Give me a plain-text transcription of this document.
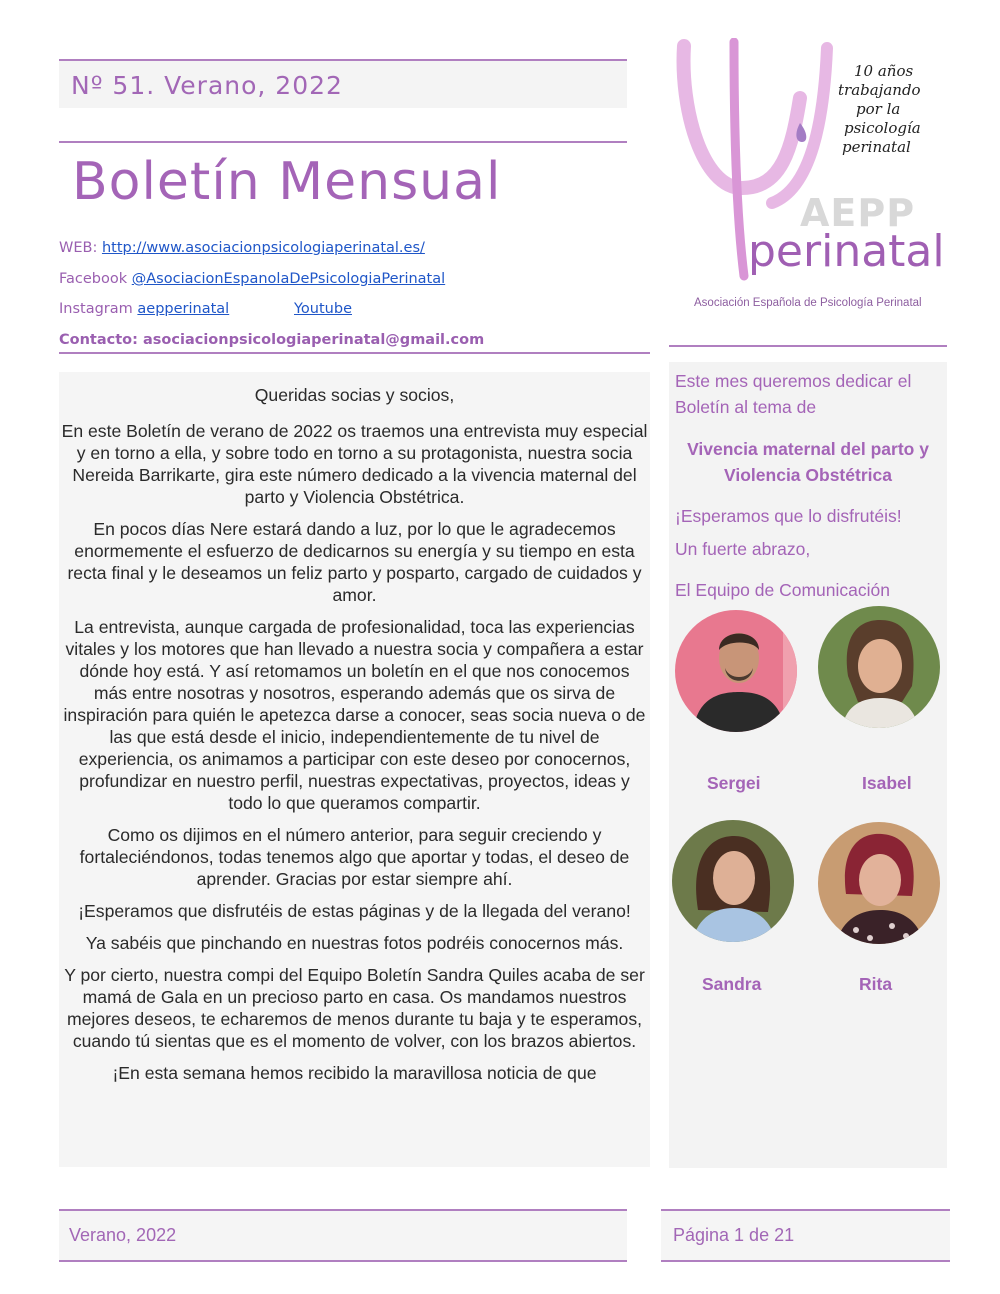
Nº 51. Verano, 2022
Boletín Mensual
WEB: http://www.asociacionpsicologiaperinatal.es/
Facebook @AsociacionEspanolaDePsicologiaPerinatal
Instagram aepperinatal	Youtube
Contacto: asociacionpsicologiaperinatal@gmail.com
10 años
trabajando
por la
psicología
perinatal
AEPP
perinatal
Asociación Española de Psicología Perinatal

Queridas socias y socios,

En este Boletín de verano de 2022 os traemos una entrevista muy especial y en torno a ella, y sobre todo en torno a su protagonista, nuestra socia Nereida Barrikarte, gira este número dedicado a la vivencia maternal del parto y Violencia Obstétrica.

En pocos días Nere estará dando a luz, por lo que le agradecemos enormemente el esfuerzo de dedicarnos su energía y su tiempo en esta recta final y le deseamos un feliz parto y posparto, cargado de cuidados y amor.

La entrevista, aunque cargada de profesionalidad, toca las experiencias vitales y los motores que han llevado a nuestra socia y compañera a estar dónde hoy está. Y así retomamos un boletín en el que nos conocemos más entre nosotras y nosotros, esperando además que os sirva de inspiración para quién le apetezca darse a conocer, seas socia nueva o de las que está desde el inicio, independientemente de tu nivel de experiencia, os animamos a participar con este deseo por conocernos, profundizar en nuestro perfil, nuestras expectativas, proyectos, ideas y todo lo que queramos compartir.

Como os dijimos en el número anterior, para seguir creciendo y fortaleciéndonos, todas tenemos algo que aportar y todas, el deseo de aprender. Gracias por estar siempre ahí.

¡Esperamos que disfrutéis de estas páginas y de la llegada del verano!

Ya sabéis que pinchando en nuestras fotos podréis conocernos más.

Y por cierto, nuestra compi del Equipo Boletín Sandra Quiles acaba de ser mamá de Gala en un precioso parto en casa. Os mandamos nuestros mejores deseos, te echaremos de menos durante tu baja y te esperamos, cuando tú sientas que es el momento de volver, con los brazos abiertos.

¡En esta semana hemos recibido la maravillosa noticia de que

Este mes queremos dedicar el Boletín al tema de
Vivencia maternal del parto y
Violencia Obstétrica
¡Esperamos que lo disfrutéis!
Un fuerte abrazo,
El Equipo de Comunicación
Sergei	Isabel
Sandra	Rita
Verano, 2022	Página 1 de 21
